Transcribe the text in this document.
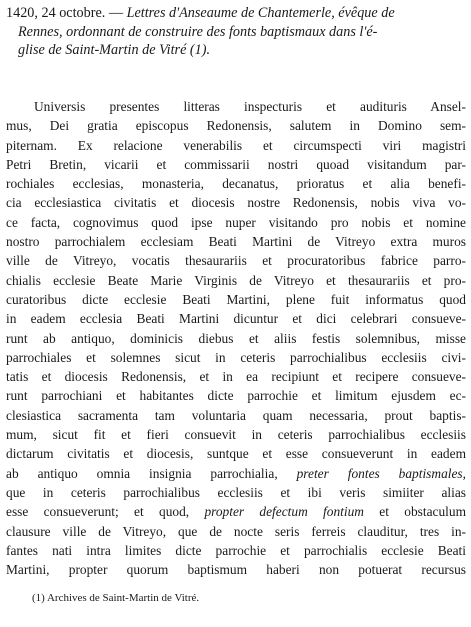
1420, 24 octobre. — Lettres d'Anseaume de Chantemerle, évêque de
Rennes, ordonnant de construire des fonts baptismaux dans l'é-
glise de Saint-Martin de Vitré (1).
Universis presentes litteras inspecturis et audituris Ansel-
mus, Dei gratia episcopus Redonensis, salutem in Domino sem-
piternam. Ex relacione venerabilis et circumspecti viri magistri
Petri Bretin, vicarii et commissarii nostri quoad visitandum par-
rochiales ecclesias, monasteria, decanatus, prioratus et alia benefi-
cia ecclesiastica civitatis et diocesis nostre Redonensis, nobis viva vo-
ce facta, cognovimus quod ipse nuper visitando pro nobis et nomine
nostro parrochialem ecclesiam Beati Martini de Vitreyo extra muros
ville de Vitreyo, vocatis thesaurariis et procuratoribus fabrice parro-
chialis ecclesie Beate Marie Virginis de Vitreyo et thesaurariis et pro-
curatoribus dicte ecclesie Beati Martini, plene fuit informatus quod
in eadem ecclesia Beati Martini dicuntur et dici celebrari consueve-
runt ab antiquo, dominicis diebus et aliis festis solemnibus, misse
parrochiales et solemnes sicut in ceteris parrochialibus ecclesiis civi-
tatis et diocesis Redonensis, et in ea recipiunt et recipere consueve-
runt parrochiani et habitantes dicte parrochie et limitum ejusdem ec-
clesiastica sacramenta tam voluntaria quam necessaria, prout baptis-
mum, sicut fit et fieri consuevit in ceteris parrochialibus ecclesiis
dictarum civitatis et diocesis, suntque et esse consueverunt in eadem
ab antiquo omnia insignia parrochialia, preter fontes baptismales,
que in ceteris parrochialibus ecclesiis et ibi veris simiiter alias
esse consueverunt; et quod, propter defectum fontium et obstaculum
clausure ville de Vitreyo, que de nocte seris ferreis clauditur, tres in-
fantes nati intra limites dicte parrochie et parrochialis ecclesie Beati
Martini, propter quorum baptismum haberi non potuerat recursus
(1) Archives de Saint-Martin de Vitré.
